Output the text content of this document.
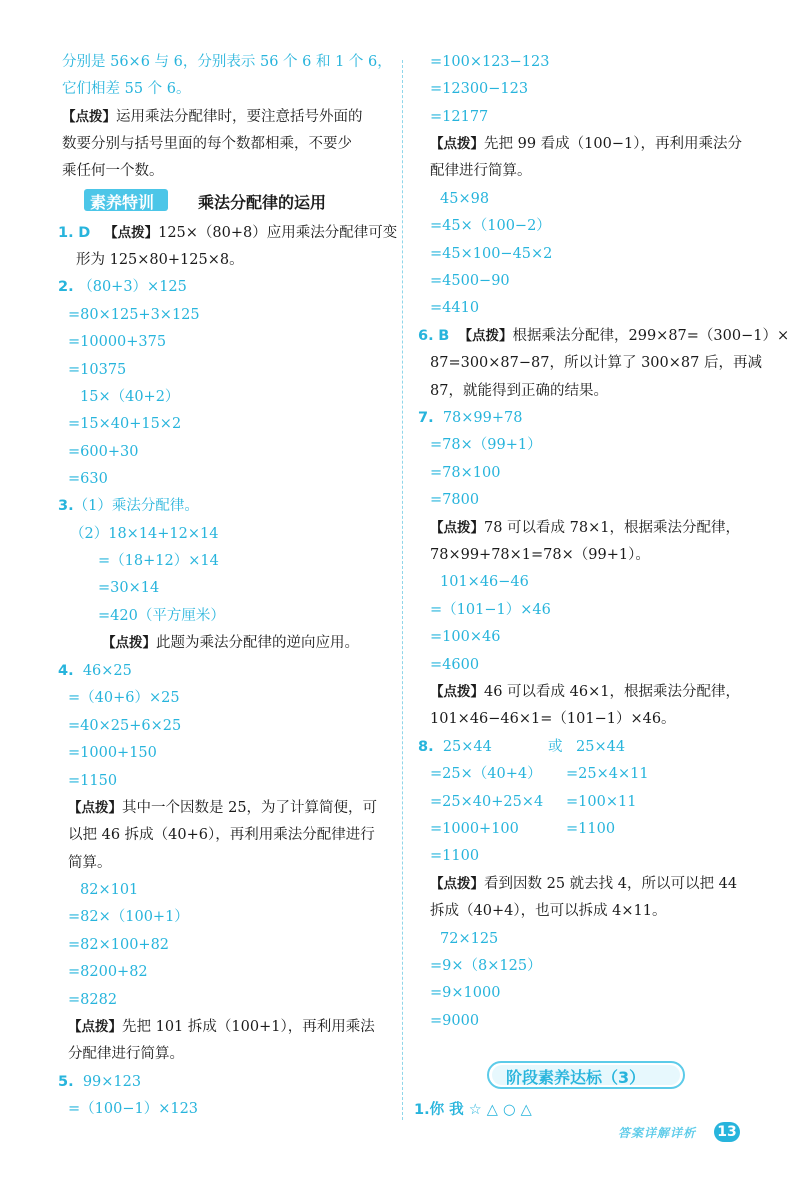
分别是 56×6 与 6，分别表示 56 个 6 和 1 个 6，
它们相差 55 个 6。
【点拨】运用乘法分配律时，要注意括号外面的
数要分别与括号里面的每个数都相乘，不要少
乘任何一个数。
素养特训	乘法分配律的运用
1. D 【点拨】125×（80+8）应用乘法分配律可变
形为 125×80+125×8。
2. （80+3）×125
=80×125+3×125
=10000+375
=10375
15×（40+2）
=15×40+15×2
=600+30
=630
3.（1）乘法分配律。
（2）18×14+12×14
=（18+12）×14
=30×14
=420（平方厘米）
【点拨】此题为乘法分配律的逆向应用。
4. 46×25
=（40+6）×25
=40×25+6×25
=1000+150
=1150
【点拨】其中一个因数是 25，为了计算简便，可
以把 46 拆成（40+6），再利用乘法分配律进行
简算。
82×101
=82×（100+1）
=82×100+82
=8200+82
=8282
【点拨】先把 101 拆成（100+1），再利用乘法
分配律进行简算。
5. 99×123
=（100−1）×123
=100×123−123
=12300−123
=12177
【点拨】先把 99 看成（100−1），再利用乘法分
配律进行简算。
45×98
=45×（100−2）
=45×100−45×2
=4500−90
=4410
6. B 【点拨】根据乘法分配律，299×87=（300−1）×
87=300×87−87，所以计算了 300×87 后，再减
87，就能得到正确的结果。
7. 78×99+78
=78×（99+1）
=78×100
=7800
【点拨】78 可以看成 78×1，根据乘法分配律，
78×99+78×1=78×（99+1）。
101×46−46
=（101−1）×46
=100×46
=4600
【点拨】46 可以看成 46×1，根据乘法分配律，
101×46−46×1=（101−1）×46。
8. 25×44	或 25×44
=25×（40+4） =25×4×11
=25×40+25×4 =100×11
=1000+100	=1100
=1100
【点拨】看到因数 25 就去找 4，所以可以把 44
拆成（40+4），也可以拆成 4×11。
72×125
=9×（8×125）
=9×1000
=9000
阶段素养达标（3）
1.你 我 ☆ △ ○ △
答案详解详析 13
